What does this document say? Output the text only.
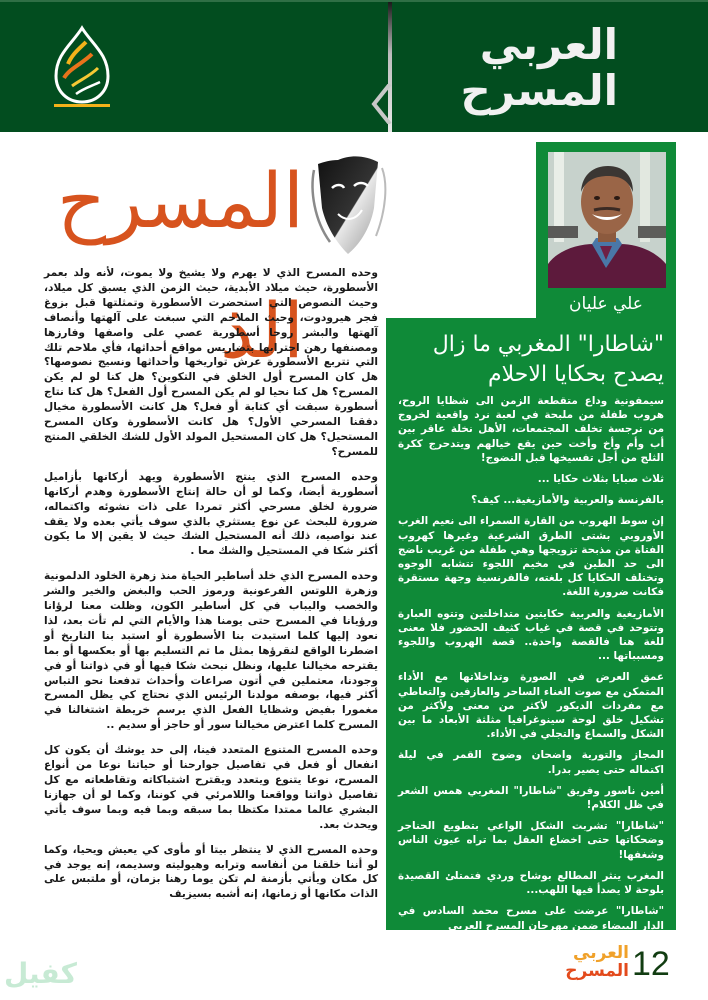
العربي
المسرح
المسرح الذ	علي عليان
"شاطارا" المغربي ما زال يصدح بحكايا الاحلام

سيمفونية وداع متقطعة الزمن الى شظايا الروح، هروب طفلة من ملبحة في لعبة نرد واقعية لخروج من نرجسة تخلف المجتمعات، الأهل نخلة عاقر بين أب وأم وأخ وأخت حين يقع خيالهم ويتدحرج ككرة الثلج من أجل تفسيخها قبل النضوج!

ثلاث صبايا بثلاث حكايا ...

بالفرنسة والعربية والأمازيغية... كيف؟

إن سوط الهروب من القارة السمراء الى نعيم الغرب الأوروبي بشتى الطرق الشرعية وغيرها كهروب الفتاة من مذبحة تزويجها وهي طفلة من غريب ناضج الى حد الطين في مخيم اللجوء تتشابه الوجوه وتختلف الحكايا كل بلغته، فالفرنسية وجهة مستقرة فكانت ضرورة اللغة.

الأمازيغية والعربية حكايتين متداخلتين وتتوه العبارة وتتوحد في قصة في غياب كثيف الحضور فلا معنى للغة هنا فالقصة واحدة.. قصة الهروب واللجوء ومسبباتها ...

عمق العرض في الصورة وتداخلاتها مع الأداء المتمكن مع صوت الغناء الساحر والعازفين والتعاطي مع مفردات الديكور لأكثر من معنى ولأكثر من تشكيل خلق لوحة سينوغرافيا مثلثة الأبعاد ما بين الشكل والسماع والتجلي في الأداء.

المجاز والتورية واضحان وضوح القمر في ليلة اكتماله حتى يصير بدرا.

أمين ناسور وفريق "شاطارا" المغربي همس الشعر في ظل الكلام!

"شاطارا" تشربت الشكل الواعي بتطويع الحناجر وضحكاتها حتى اخضاع العقل بما تراه عيون الناس وشغفها!

المغرب ينثر المطالع بوشاح وردي فتمتلئ القصيدة بلوحة لا يصدأ فيها اللهب...

"شاطارا" عرضت على مسرح محمد السادس في الدار البيضاء ضمن مهرجان المسرح العربي

وحده المسرح الذي لا يهرم ولا يشيخ ولا يموت، لأنه ولد بعمر الأسطورة، حيث ميلاد الأبدية، حيث الزمن الذي يسبق كل ميلاد، وحيث النصوص التي استحضرت الأسطورة وتمثلتها قبل بزوغ فجر هيرودوت، وحيث الملاحم التي سبغت على آلهتها وأنصاف آلهتها والبشر روحا أسطورية عصي على واصفها وفارزها ومصنفها رهن احترابها بتضاريس مواقع أحداثها، فأي ملاحم تلك التي تتربع الأسطورة عرش تواريخها وأحداثها ونسيج نصوصها؟ هل كان المسرح أول الخلق في التكوين؟ هل كنا لو لم يكن المسرح؟ هل كنا نحيا لو لم يكن المسرح أول الفعل؟ هل كنا نتاج أسطورة سبقت أي كتابة أو فعل؟ هل كانت الأسطورة مخيال دفقنا المسرحي الأول؟ هل كانت الأسطورة وكان المسرح المستحيل؟ هل كان المستحيل المولد الأول للشك الخلقي المنتج للمسرح؟

وحده المسرح الذي ينتج الأسطورة ويهد أركانها بأزاميل أسطورية أيضا، وكما لو أن حالة إنتاج الأسطورة وهدم أركانها ضرورة لخلق مسرحي أكثر تمردا على ذات نشوئه واكتماله، ضرورة للبحث عن نوع يستثري بالذي سوف يأتي بعده ولا يقف عند نواصيه، ذلك أنه المستحيل الشك حيث لا يقين إلا ما يكون أكثر شكا في المستحيل والشك معا .

وحده المسرح الذي خلد أساطير الحياة منذ زهرة الخلود الدلمونية وزهرة اللوتس الفرعونية ورموز الحب والبغض والخير والشر والخصب واليباب في كل أساطير الكون، وظلت معنا لرؤانا ورؤيانا في المسرح حتى يومنا هذا والأيام التي لم تأت بعد، لذا نعود إليها كلما استبدت بنا الأسطورة أو استبد بنا التاريخ أو اضطرنا الواقع لنقرؤها بمثل ما تم التسليم بها أو بعكسها أو بما يقترحه مخيالنا عليها، ونظل نبحث شكا فيها أو في ذواتنا أو في وجودنا، معتملين في أتون صراعات وأحداث تدفعنا نحو التباس أكثر فيها، بوصفه مولدنا الرئيس الذي نحتاج كي يظل المسرح مغمورا بفيض وشظايا الفعل الذي يرسم خريطة اشتغالنا في المسرح كلما اعترض مخيالنا سور أو حاجز أو سديم ..

وحده المسرح المتنوع المتعدد فينا، إلى حد يوشك أن يكون كل انفعال أو فعل في تفاصيل جوارحنا أو حياتنا نوعا من أنواع المسرح، نوعا يتنوع ويتعدد ويقترح اشتباكاته وتقاطعاته مع كل تفاصيل ذواتنا وواقعنا واللامرئي في كوننا، وكما لو أن جهازنا البشري عالما ممتدا مكتظا بما سبقه وبما فيه وبما سوف يأتي ويحدث بعد.

وحده المسرح الذي لا ينتظر بيتا أو مأوى كي يعيش ويحيا، وكما لو أننا خلقنا من أنفاسه وترابه وهيوليته وسديمه، إنه يوجد في كل مكان ويأتي بأزمنة لم تكن يوما رهنا بزمان، أو ملتبس على الذات مكانها أو زمانها، إنه أشبه بسيزيف

كفيل
العربي
المسرح 12
